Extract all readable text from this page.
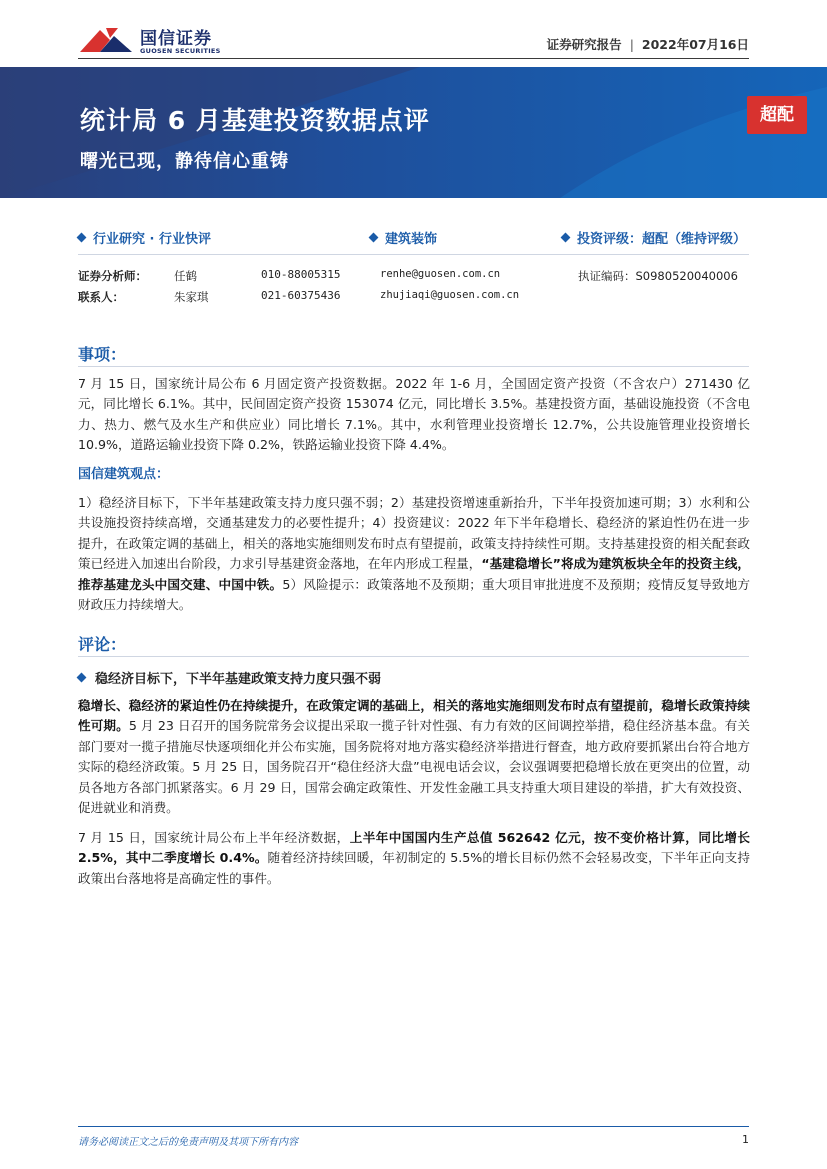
国信证券
GUOSEN SECURITIES	证券研究报告 | 2022年07月16日
统计局 6 月基建投资数据点评
曙光已现，静待信心重铸
超配
行业研究 · 行业快评	建筑装饰	投资评级：超配（维持评级）
证券分析师： 任鹤	010-88005315	renhe@guosen.com.cn	执证编码：S0980520040006
联系人：	朱家琪	021-60375436	zhujiaqi@guosen.com.cn
事项：
7 月 15 日，国家统计局公布 6 月固定资产投资数据。2022 年 1-6 月，全国固定资产投资（不含农户）271430 亿元，同比增长 6.1%。其中，民间固定资产投资 153074 亿元，同比增长 3.5%。基建投资方面，基础设施投资（不含电力、热力、燃气及水生产和供应业）同比增长 7.1%。其中，水利管理业投资增长 12.7%，公共设施管理业投资增长 10.9%，道路运输业投资下降 0.2%，铁路运输业投资下降 4.4%。
国信建筑观点：
1）稳经济目标下，下半年基建政策支持力度只强不弱；2）基建投资增速重新抬升，下半年投资加速可期；3）水利和公共设施投资持续高增，交通基建发力的必要性提升；4）投资建议：2022 年下半年稳增长、稳经济的紧迫性仍在进一步提升，在政策定调的基础上，相关的落地实施细则发布时点有望提前，政策支持持续性可期。支持基建投资的相关配套政策已经进入加速出台阶段，力求引导基建资金落地，在年内形成工程量，“基建稳增长”将成为建筑板块全年的投资主线，推荐基建龙头中国交建、中国中铁。5）风险提示：政策落地不及预期；重大项目审批进度不及预期；疫情反复导致地方财政压力持续增大。
评论：
稳经济目标下，下半年基建政策支持力度只强不弱
稳增长、稳经济的紧迫性仍在持续提升，在政策定调的基础上，相关的落地实施细则发布时点有望提前，稳增长政策持续性可期。5 月 23 日召开的国务院常务会议提出采取一揽子针对性强、有力有效的区间调控举措，稳住经济基本盘。有关部门要对一揽子措施尽快逐项细化并公布实施，国务院将对地方落实稳经济举措进行督查，地方政府要抓紧出台符合地方实际的稳经济政策。5 月 25 日，国务院召开“稳住经济大盘”电视电话会议，会议强调要把稳增长放在更突出的位置，动员各地方各部门抓紧落实。6 月 29 日，国常会确定政策性、开发性金融工具支持重大项目建设的举措，扩大有效投资、促进就业和消费。
7 月 15 日，国家统计局公布上半年经济数据，上半年中国国内生产总值 562642 亿元，按不变价格计算，同比增长 2.5%，其中二季度增长 0.4%。随着经济持续回暖，年初制定的 5.5%的增长目标仍然不会轻易改变，下半年正向支持政策出台落地将是高确定性的事件。
请务必阅读正文之后的免责声明及其项下所有内容	1
